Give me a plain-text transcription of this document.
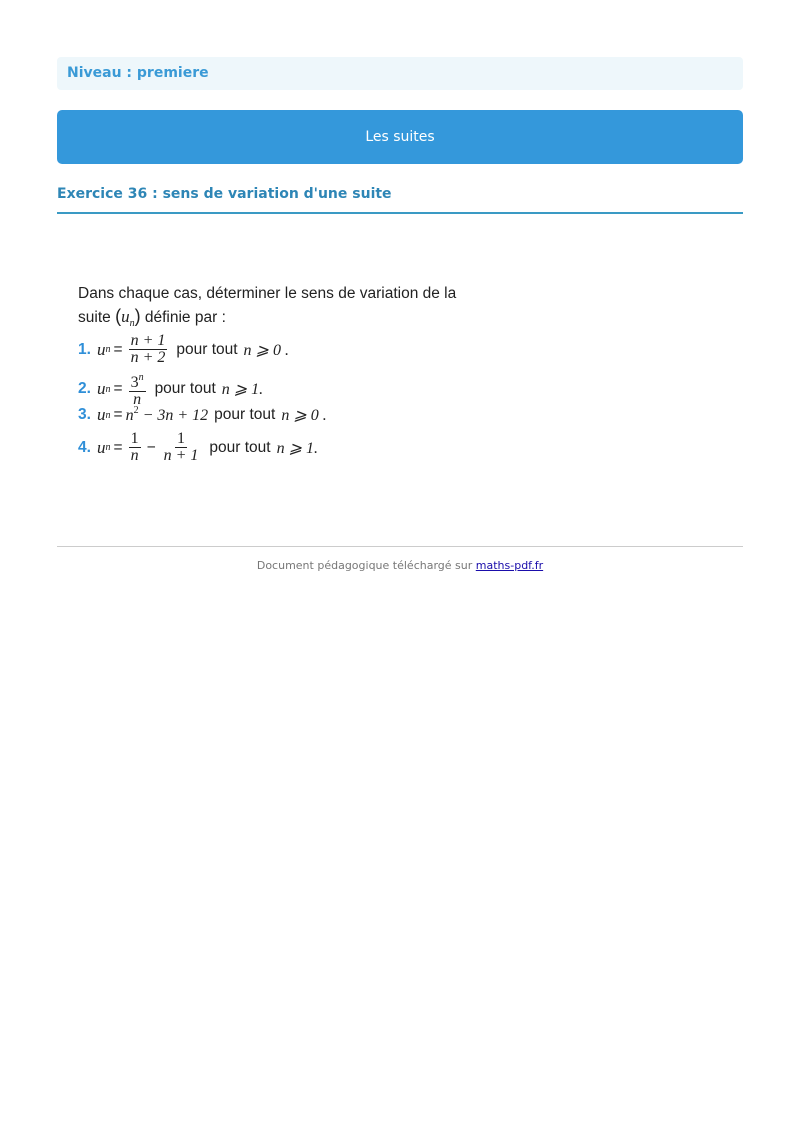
Niveau : premiere
Les suites
Exercice 36 : sens de variation d'une suite

Dans chaque cas, déterminer le sens de variation de la

suite $(u_n)$ définie par :

1. u $n = \frac{n + 1}{n + 2}$ pour tout n ⩾ 0 .
2. u $n = \frac{3^n}{n}$ pour tout n ⩾ 1.
3. u $n = n^2 - 3n + 12$ pour tout n ⩾ 0 .
4. u $n = \frac{1}{n} - \frac{1}{n + 1}$ pour tout n ⩾ 1.
Document pédagogique téléchargé sur maths-pdf.fr
